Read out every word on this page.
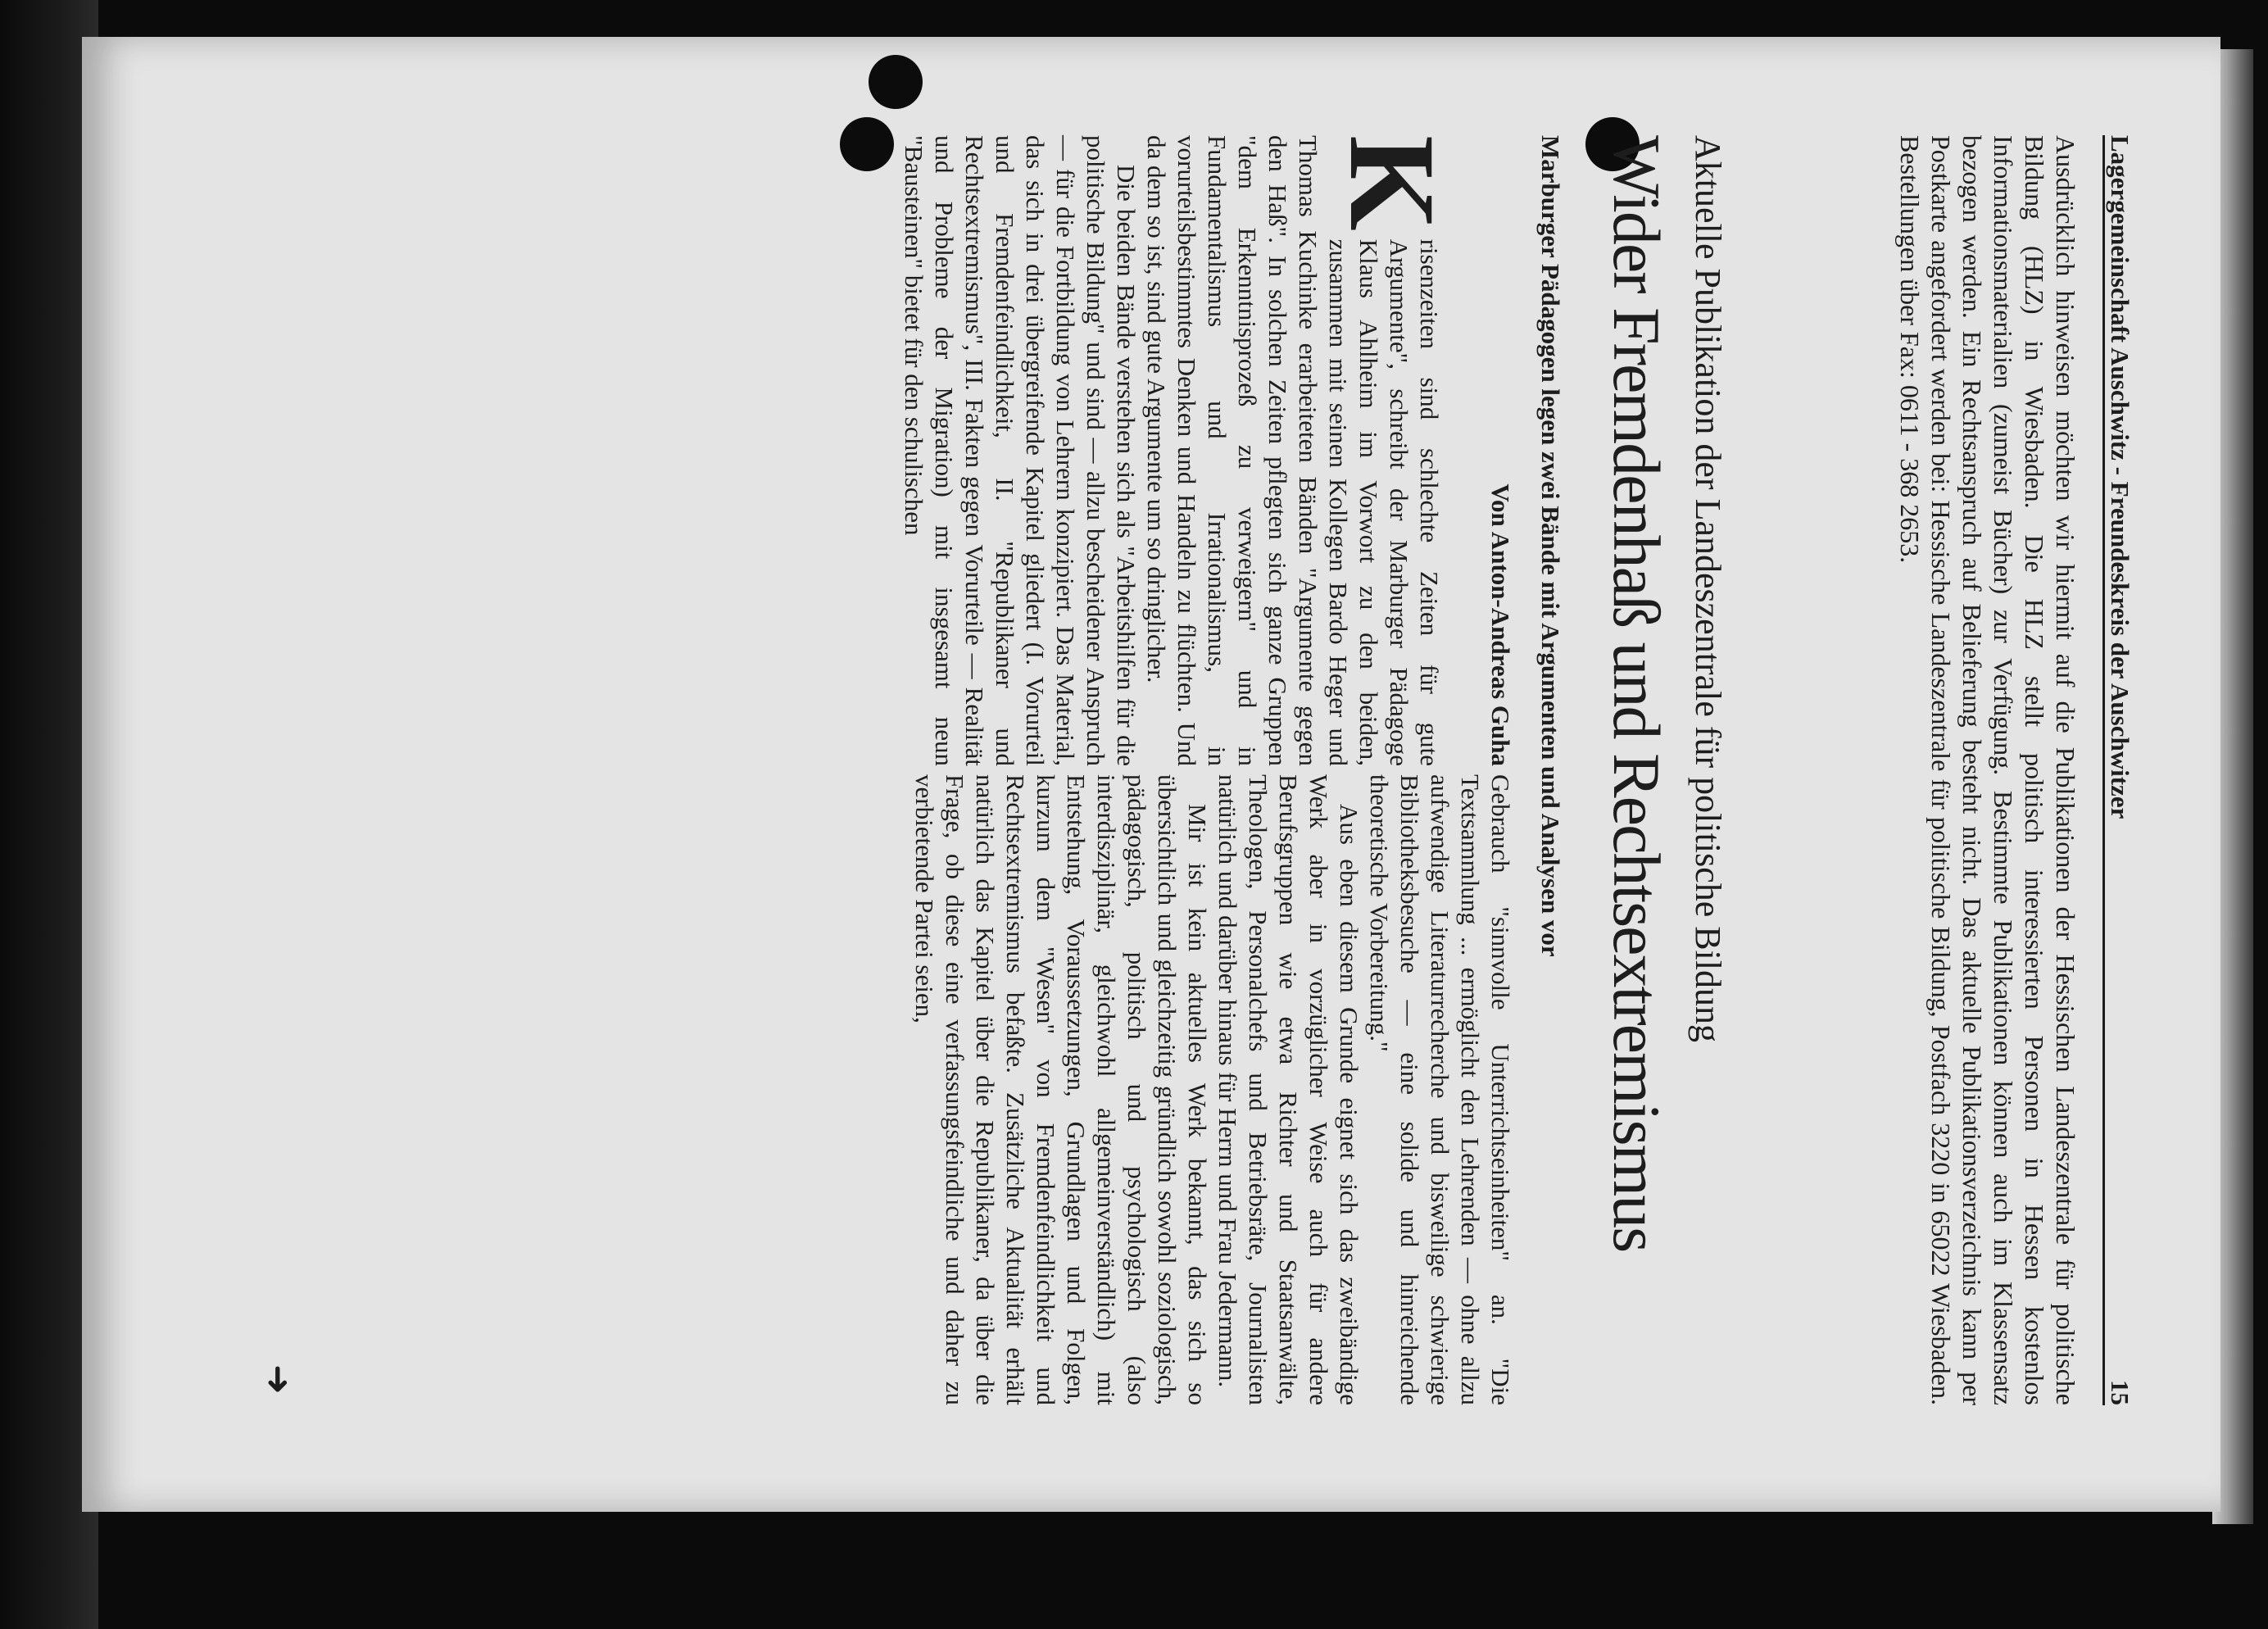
Lagergemeinschaft Auschwitz - Freundeskreis der Auschwitzer
15
Ausdrücklich hinweisen möchten wir hiermit auf die Publikationen der Hessischen Landeszentrale für politische Bildung (HLZ) in Wiesbaden. Die HLZ stellt politisch interessierten Personen in Hessen kostenlos Informationsmaterialien (zumeist Bücher) zur Verfügung. Bestimmte Publikationen können auch im Klassensatz bezogen werden. Ein Rechtsanspruch auf Belieferung besteht nicht. Das aktuelle Publikationsverzeichnis kann per Postkarte angefordert werden bei: Hessische Landeszentrale für politische Bildung, Postfach 3220 in 65022 Wiesbaden. Bestellungen über Fax: 0611 - 368 2653.
Aktuelle Publikation der Landeszentrale für politische Bildung
Wider Fremdenhaß und Rechtsextremismus
Marburger Pädagogen legen zwei Bände mit Argumenten und Analysen vor
Von Anton-Andreas Guha

K
risenzeiten sind schlechte Zeiten für gute Argumente", schreibt der Marburger Pädagoge Klaus Ahlheim im Vorwort zu den beiden, zusammen mit seinen Kollegen Bardo Heger und Thomas Kuchinke erarbeiteten Bänden "Argumente gegen den Haß". In solchen Zeiten pflegten sich ganze Gruppen "dem Erkenntnisprozeß zu verweigern" und in Fundamentalismus und Irrationalismus, in vorurteilsbestimmtes Denken und Handeln zu flüchten. Und da dem so ist, sind gute Argumente um so dringlicher.

Die beiden Bände verstehen sich als "Arbeitshilfen für die politische Bildung" und sind — allzu bescheidener Anspruch — für die Fortbildung von Lehrern konzipiert. Das Material, das sich in drei übergreifende Kapitel gliedert (I. Vorurteil und Fremdenfeindlichkeit, II. "Republikaner und Rechtsextremismus", III. Fakten gegen Vorurteile — Realität und Probleme der Migration) mit insgesamt neun "Bausteinen" bietet für den schulischen

Gebrauch "sinnvolle Unterrichtseinheiten" an. "Die Textsammlung ... ermöglicht den Lehrenden — ohne allzu aufwendige Literaturrecherche und bisweilige schwierige Bibliotheksbesuche — eine solide und hinreichende theoretische Vorbereitung."

Aus eben diesem Grunde eignet sich das zweibändige Werk aber in vorzüglicher Weise auch für andere Berufsgruppen wie etwa Richter und Staatsanwälte, Theologen, Personalchefs und Betriebsräte, Journalisten natürlich und darüber hinaus für Herrn und Frau Jedermann.

Mir ist kein aktuelles Werk bekannt, das sich so übersichtlich und gleichzeitig gründlich sowohl soziologisch, pädagogisch, politisch und psychologisch (also interdisziplinär, gleichwohl allgemeinverständlich) mit Entstehung, Voraussetzungen, Grundlagen und Folgen, kurzum dem "Wesen" von Fremdenfeindlichkeit und Rechtsextremismus befaßte. Zusätzliche Aktualität erhält natürlich das Kapitel über die Republikaner, da über die Frage, ob diese eine verfassungsfeindliche und daher zu verbietende Partei seien,

➜
